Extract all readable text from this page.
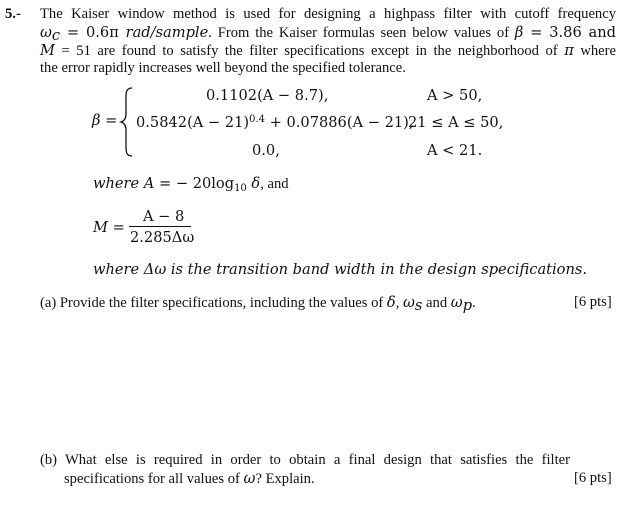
5.- The Kaiser window method is used for designing a highpass filter with cutoff frequency
$\omega_c = 0.6\pi$ rad/sample. From the Kaiser formulas seen below values of β = 3.86 and
M = 51 are found to satisfy the filter specifications except in the neighborhood of π where
the error rapidly increases well beyond the specified tolerance.
β =
0.1102(A − 8.7),	A > 50,
$0.5842(A - 21)^{0.4} + 0.07886(A - 21)$,
21 ≤ A ≤ 50,
0.0,	A < 21.
where A = − $20\log_{10}$ δ, and
M =
A − 8
2.285Δω
where Δω is the transition band width in the design specifications.
(a) Provide the filter specifications, including the values of δ, $\omega_s$ and $\omega_p$.	[6 pts]
(b) What else is required in order to obtain a final design that satisfies the filter
specifications for all values of ω? Explain.	[6 pts]
